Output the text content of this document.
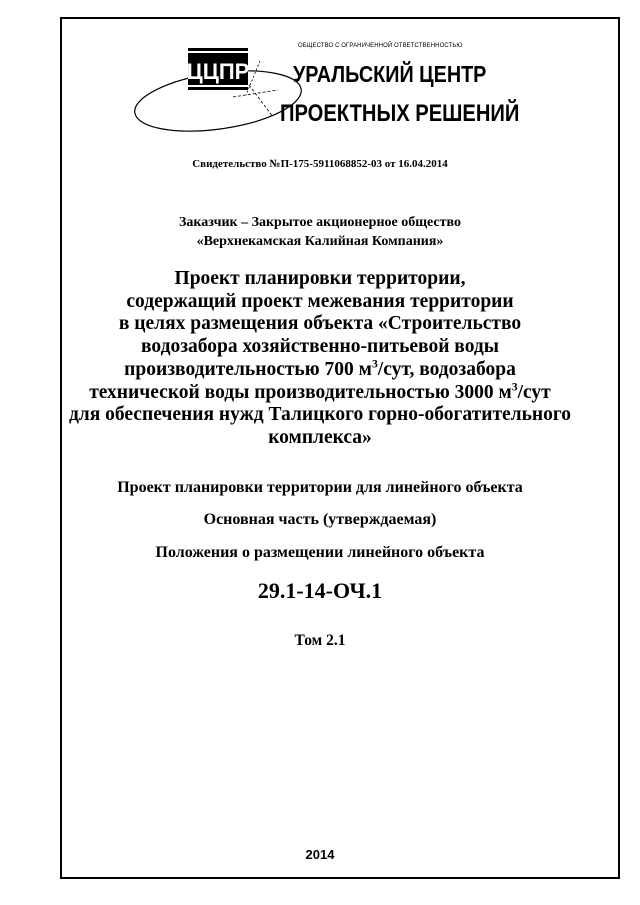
ЦЦПР
ОБЩЕСТВО С ОГРАНИЧЕННОЙ ОТВЕТСТВЕННОСТЬЮ
УРАЛЬСКИЙ ЦЕНТР
ПРОЕКТНЫХ РЕШЕНИЙ
Свидетельство №П-175-5911068852-03 от 16.04.2014
Заказчик – Закрытое акционерное общество
«Верхнекамская Калийная Компания»
Проект планировки территории,
содержащий проект межевания территории
в целях размещения объекта «Строительство
водозабора хозяйственно-питьевой воды
производительностью 700 $м^3$/сут, водозабора
технической воды производительностью 3000 $м^3$/сут
для обеспечения нужд Талицкого горно-обогатительного
комплекса»
Проект планировки территории для линейного объекта
Основная часть (утверждаемая)
Положения о размещении линейного объекта
29.1-14-ОЧ.1
Том 2.1
2014
